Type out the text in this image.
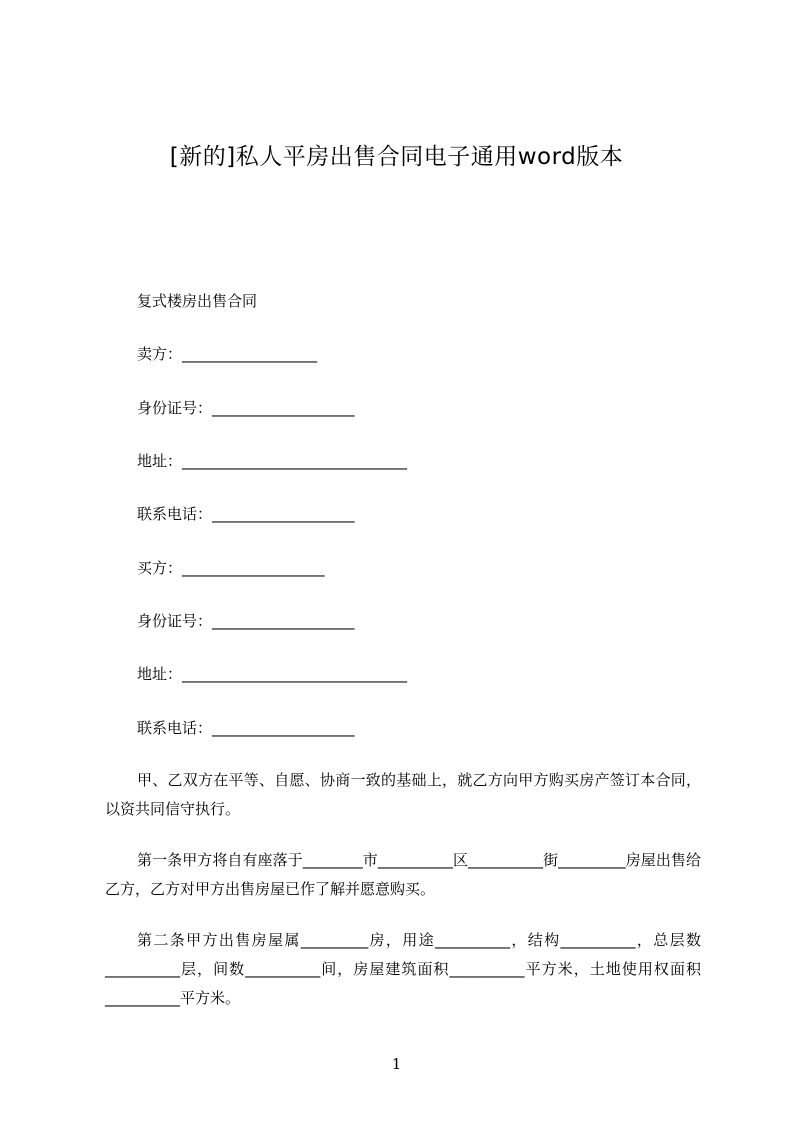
[新的]私人平房出售合同电子通用word版本

复式楼房出售合同

卖方：__________________

身份证号：___________________

地址：______________________________

联系电话：___________________

买方：___________________

身份证号：___________________

地址：______________________________

联系电话：___________________

甲、乙双方在平等、自愿、协商一致的基础上，就乙方向甲方购买房产签订本合同，以资共同信守执行。

第一条甲方将自有座落于________市__________区__________街_________房屋出售给乙方，乙方对甲方出售房屋已作了解并愿意购买。

第二条甲方出售房屋属_________房，用途__________，结构__________，总层数__________层，间数__________间，房屋建筑面积__________平方米，土地使用权面积__________平方米。

1
